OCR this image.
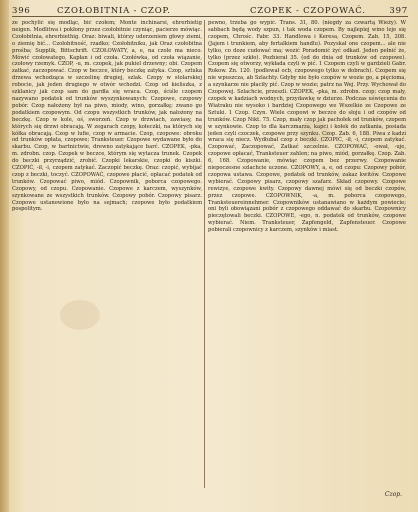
396	CZOŁOBITNIA - CZOP.	CZOPEK - CZOPOWAĆ.	397

ze pochylić się modląc, bić czołem; Monte inchinarsi, ehrerbietig neigen. Modlitwa i pokłony przez czołobitnie czyniąc, pacierze mówiąc. Czołobitnia, ehrerbiethig. Oraz: biwali, którzy uderzeniem głowy ziemi, o ziemię bić... Czołobitność, rzadko; Czołobitniku, jak Oraz czołobitna prośba; Supplik, Bittschrift. CZOŁOWATY, a, e, na czole ma nieco. Mówić czołowatego, Kapłan i od czoła. Czołówka, od czoła wiązanie, czołowy rzemyk. CZOP, -u, m. czopek, jak pukiel drzewny; obi. Czopem zatkać, zaczopować. Czop w beczce, który beczkę zatyka. Czop, sztuka drzewa wchodząca w szczelinę drugiej, szlak. Czopy w stolarskiej robocie, jak jeden drugiego w otwór wchodzi. Czop od kieliszka, z szklanicy jak czop sam do gardła się wraca. Czop, ściśle czopem nazywano podatek od trunków wyszynkowanych: Czopowe, czopowy pobór. Czop nałożony był na piwo, miody, wino, gorzałkę; zwano go podatkiem czopowym. Od czopu wszystkich trunków, jak nałożony na beczkę. Czop w kole, oś, sworzeń. Czop w drzwiach, zawiasy, na których się drzwi obracają. W zegarach czopy, kołeczki, na których się kółka obracają. Czop w lufie, czop w armacie. Czop, czopowe: obroku od trunków opłata, czopowe; Tranksteuer. Czopowe wydawane było do skarbu. Czop, w bartnictwie, drewno zatykające barć. CZOPEK, -pka, m. zdrobn. czop. Czopek w beczce, którym się wytacza trunek. Czopek do beczki przyrządzić, zrobić. Czopki lekarskie, czopki do kiszki. CZOPIĆ, -ił, -i, czopem zatykać. Zaczopić beczkę. Oraz: czopić, wybijać czop z beczki, toczyć. CZOPOWAĆ, czopowe płacić, opłacać podatek od trunków. Czopować piwo, miód. Czopownik, poborca czopowego. Czopowy, od czopu. Czopowanie. Czopowe z karczem, wyszynków, szynkowane ze wszystkich trunków. Czopowy pobór. Czopowy pisarz. Czopowe ustanowione było na sejmach; czopowe było podatkiem pospolitym.

pewno, trzeba go wypić. Trans. 31, 80. (niegdy za czwartą Wieży). W sabbach będą wody szpun, i tak woda czopem. By najlepiej wino leje się czopem, Chrośc. Fabr. 33. Handlowa i Keresa, Czopem. Zab. 15, 208. (Jajem i trunkiem, aby fertalkiem handlu). Pozyskał one czopem... ale nie tylko, co doze cudować ma; wozić Poradomić żyć odkad. Jeden pełnić że, tylko (przez szkło). Pozbierał 35. (od do dnia od trunków od czopowe). Czopem się otworzy, wykłada czyli w pić. 1 Czopem czyli w gardzieli Gabr. Rokow. Zn. 120. (podlewał ocb, czopowego tylko w dobrach). Czopem się nie wpuszcza, ab Szlachty. Gdyby nie było czopów w wozie go, a pięcioma, a szynkarze nie płaciły pić. Czop w wozie; patrz na Wej. Przy. Wychował do Czopowej. Szlachcie, przeszli. CZOPEK, -pka, m. zdrobn. czop; czop mały, czopek w kadziach wodnych, przydawkę w dziurze. Podczas uświęcenia do Wiatraku nie wysoko i bardziej Czopowego we Wszelkie ze Czopowe ze Sztuki. 1 Czop. Czyn. Wiele czopowi w beczce do słoju i od czopów od trunków. Czop Nikt. 75. Czop, mały czop jak pachołek od trunków, czopem w szynkowie. Czop to dla karczmarza, kapci i kołek do zatkania, posiada jeden czyli czoczek, czopowe przy szynku. Czop. Zab. 6, 188. Piwa z kadzi wraca się niecz. Wydłubał czop z beczki. CZOPIĆ, -ił, -i, czopem zatykać. Czopować, Zaczopować, Zatkać szczelnie. CZOPOWAĆ, -ował, -uje, czopowe opłacać, Tranksteuer zahlen; na piwo, miód, gorzałkę. Czop. Zab. 6, 168. Czopowanie, mówiąc czopem bez przerwy. Czopowanie niepoczesne szlachcie uczone. CZOPOWY, a, e, od czopu: Czopowy pobór, czopowa ustawa. Czopowe, podatek od trunków, zakaz kwitów. Czopowe wybierać. Czopowy pisarz, czopowy szafarz. Skład czopowy. Czopowe rewizye, czopowe kwity. Czopowy dawnej mówi się od beczki czopów, przez czopowe. CZOPOWNIK, -a, m. poborca czopowego, Tranksteuereinnehmer. Czopowników ustanawiano w każdym powiecie; oni byli obowiązani pobór z czopowego oddawać do skarbu. Czopownicy pieczętowali beczki. CZOPOWE, -ego, n. podatek od trunków, czopowe wybierać. Niem. Tranksteuer, Zapfengeld, Zapfensteuer. Czopowe pobierali czopownicy z karczem, szynków i miast.

Czop.
